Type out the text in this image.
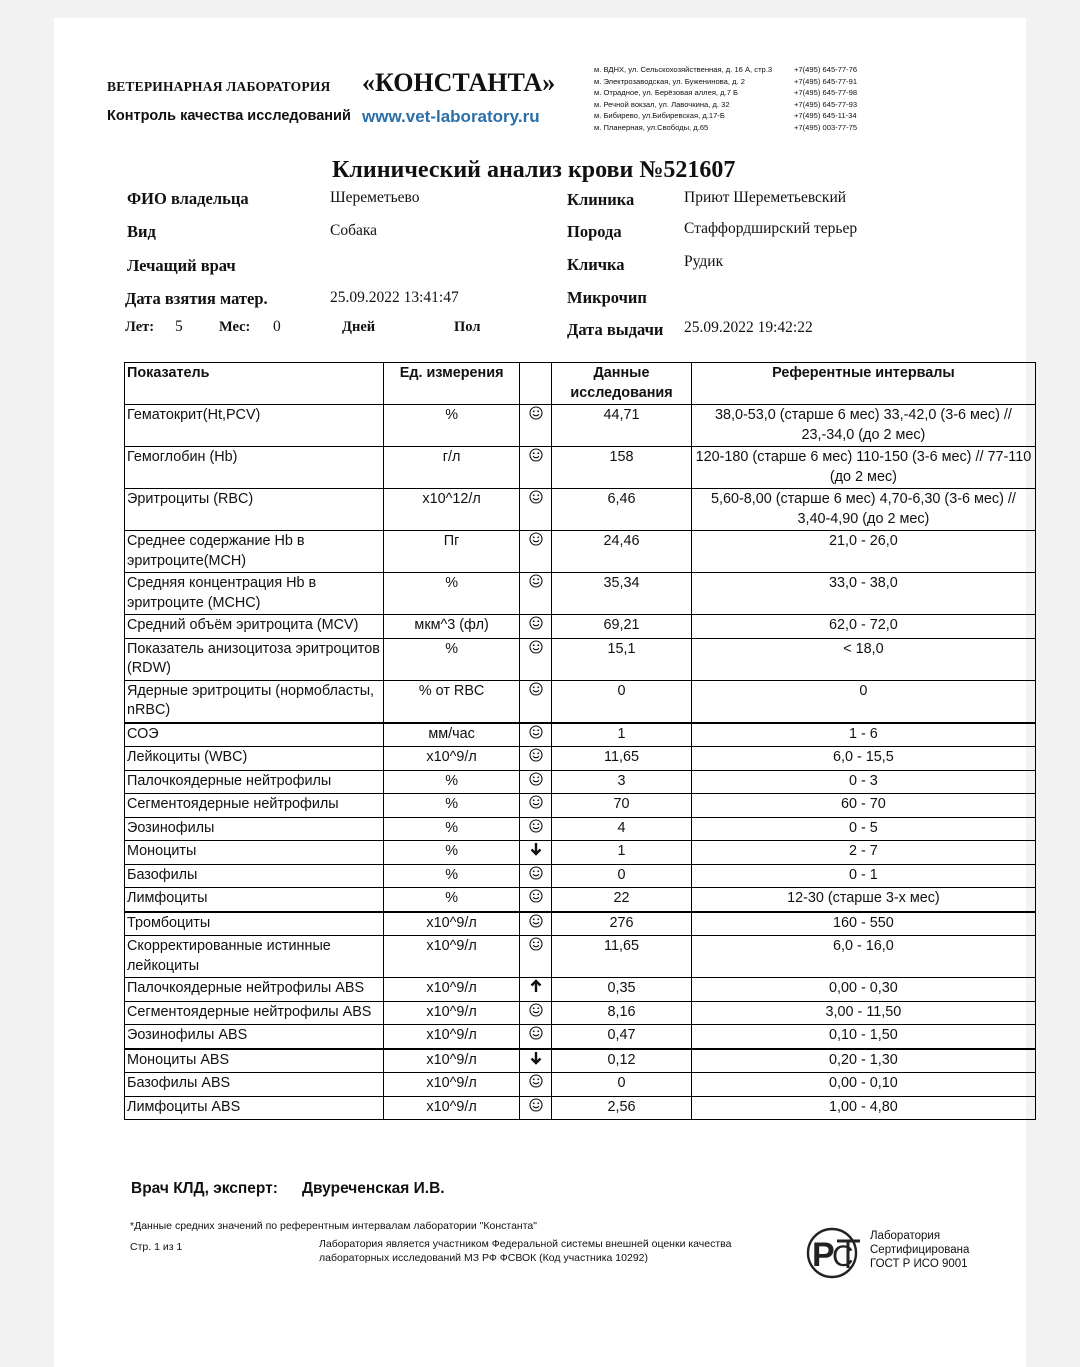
ВЕТЕРИНАРНАЯ ЛАБОРАТОРИЯ «КОНСТАНТА»
Контроль качества исследований www.vet-laboratory.ru
м. ВДНХ, ул. Сельскохозяйственная, д. 16 А, стр.3	+7(495) 645-77-76
м. Электрозаводская, ул. Буженинова, д. 2	+7(495) 645-77-91
м. Отрадное, ул. Берёзовая аллея, д.7 Б	+7(495) 645-77-98
м. Речной вокзал, ул. Лавочкина, д. 32	+7(495) 645-77-93
м. Бибирево, ул.Бибиревская, д.17-Б	+7(495) 645-11-34
м. Планерная, ул.Свободы, д.65	+7(495) 003-77-75
Клинический анализ крови №521607
ФИО владельца	Шереметьево	Клиника	Приют Шереметьевский
Вид	Собака	Порода	Стаффордширский терьер
Лечащий врач	Кличка	Рудик
Дата взятия матер.	25.09.2022 13:41:47	Микрочип
Лет: 5	Мес: 0	Дней	Пол	Дата выдачи 25.09.2022 19:42:22
Показатель	Ед. измерения		Данные исследования	Референтные интервалы
Гематокрит(Ht,PCV)	%		44,71	38,0-53,0 (старше 6 мес) 33,-42,0 (3-6 мес) // 23,-34,0 (до 2 мес)
Гемоглобин (Hb)	г/л		158	120-180 (старше 6 мес) 110-150 (3-6 мес) // 77-110 (до 2 мес)
Эритроциты (RBC)	x10^12/л		6,46	5,60-8,00 (старше 6 мес) 4,70-6,30 (3-6 мес) // 3,40-4,90 (до 2 мес)
Среднее содержание Hb в эритроците(MCH)	Пг		24,46	21,0 - 26,0
Средняя концентрация Hb в эритроците (MCHC)	%		35,34	33,0 - 38,0
Средний объём эритроцита (MCV)	мкм^3 (фл)		69,21	62,0 - 72,0
Показатель анизоцитоза эритроцитов (RDW)	%		15,1	< 18,0
Ядерные эритроциты (нормобласты, nRBC)	% от RBC		0	0
СОЭ	мм/час		1	1 - 6
Лейкоциты (WBC)	x10^9/л		11,65	6,0 - 15,5
Палочкоядерные нейтрофилы	%		3	0 - 3
Сегментоядерные нейтрофилы	%		70	60 - 70
Эозинофилы	%		4	0 - 5
Моноциты	%		1	2 - 7
Базофилы	%		0	0 - 1
Лимфоциты	%		22	12-30 (старше 3-х мес)
Тромбоциты	x10^9/л		276	160 - 550
Скорректированные истинные лейкоциты	x10^9/л		11,65	6,0 - 16,0
Палочкоядерные нейтрофилы ABS	x10^9/л		0,35	0,00 - 0,30
Сегментоядерные нейтрофилы ABS	x10^9/л		8,16	3,00 - 11,50
Эозинофилы ABS	x10^9/л		0,47	0,10 - 1,50
Моноциты ABS	x10^9/л		0,12	0,20 - 1,30
Базофилы ABS	x10^9/л		0	0,00 - 0,10
Лимфоциты ABS	x10^9/л		2,56	1,00 - 4,80
Врач КЛД, эксперт: Двуреченская И.В.
*Данные средних значений по референтным интервалам лаборатории "Константа"
Стр. 1 из 1	Лаборатория является участником Федеральной системы внешней оценки качества
лабораторных исследований МЗ РФ ФСВОК (Код участника 10292)	Р
С
Лаборатория
Сертифицирована
ГОСТ Р ИСО 9001
